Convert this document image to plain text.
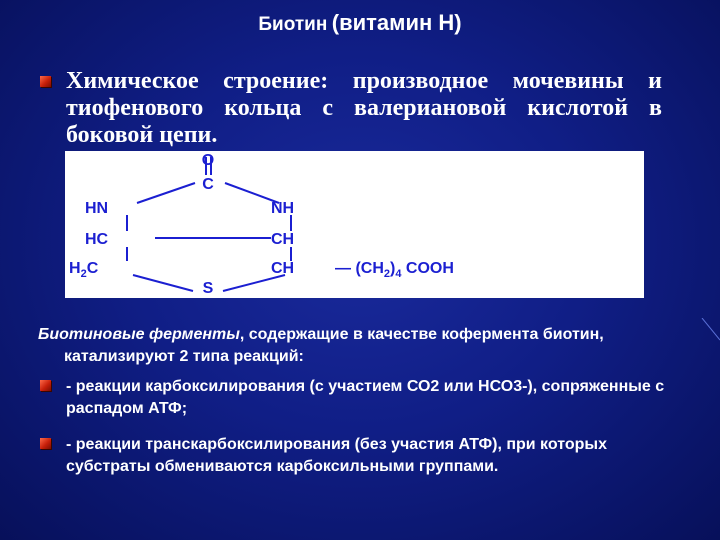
Биотин (витамин Н)
Химическое строение: производное мочевины и тиофенового кольца с валериановой кислотой в боковой цепи.
O
C
HN	NH
HC	CH
$H_2C$	CH
S
— $(CH_2)_4$ COOH
Биотиновые ферменты, содержащие в качестве кофермента биотин, катализируют 2 типа реакций:
- реакции карбоксилирования (с участием СО2 или НСО3-), сопряженные с распадом АТФ;
- реакции транскарбоксилирования (без участия АТФ), при которых субстраты обмениваются карбоксильными группами.
